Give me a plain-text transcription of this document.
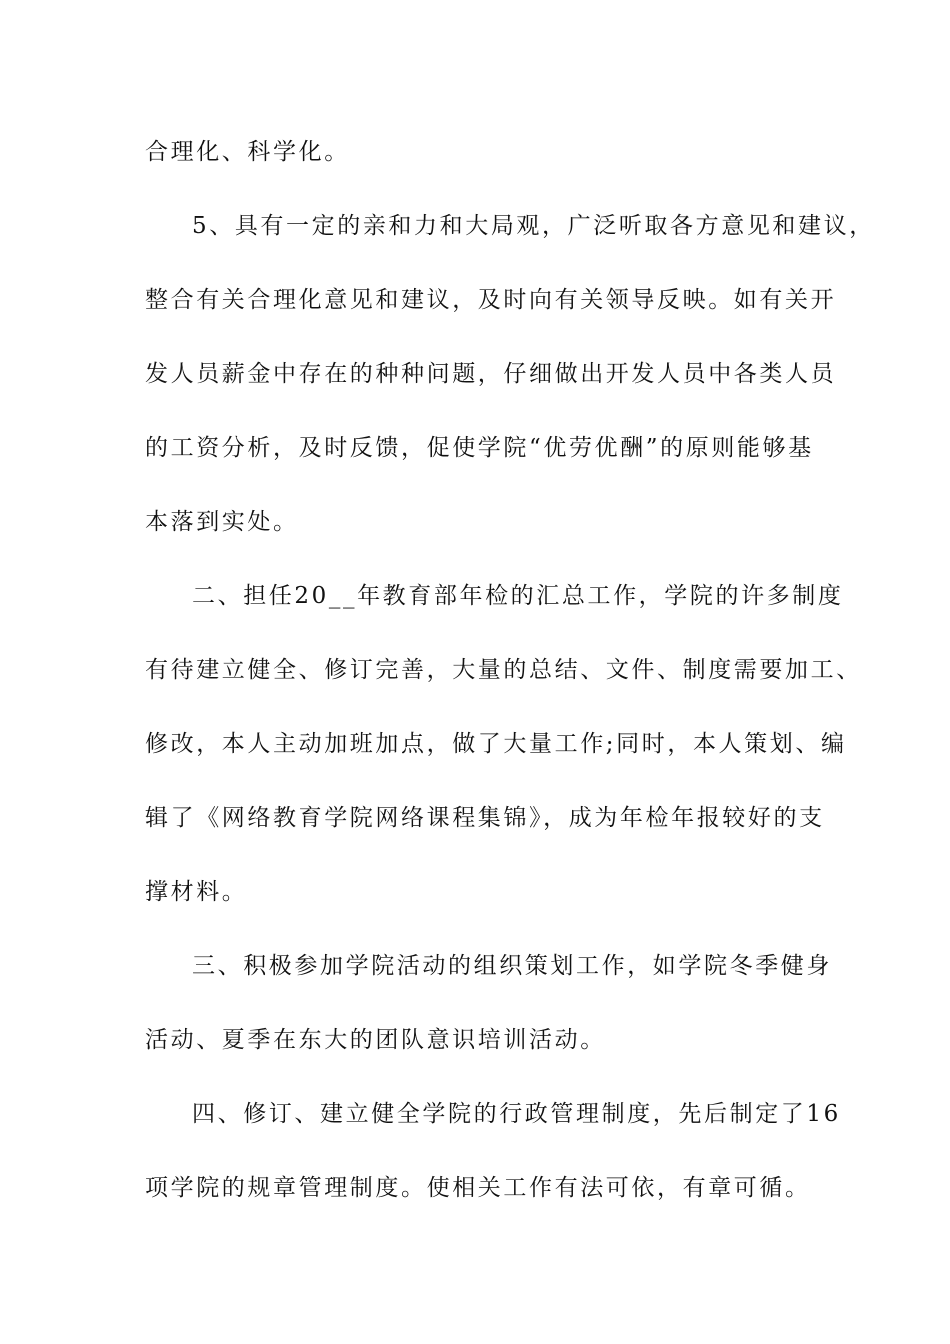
合理化、科学化。
5、具有一定的亲和力和大局观，广泛听取各方意见和建议，
整合有关合理化意见和建议，及时向有关领导反映。如有关开
发人员薪金中存在的种种问题，仔细做出开发人员中各类人员
的工资分析，及时反馈，促使学院“优劳优酬”的原则能够基
本落到实处。
二、担任20__年教育部年检的汇总工作，学院的许多制度
有待建立健全、修订完善，大量的总结、文件、制度需要加工、
修改，本人主动加班加点，做了大量工作;同时，本人策划、编
辑了《网络教育学院网络课程集锦》，成为年检年报较好的支
撑材料。
三、积极参加学院活动的组织策划工作，如学院冬季健身
活动、夏季在东大的团队意识培训活动。
四、修订、建立健全学院的行政管理制度，先后制定了16
项学院的规章管理制度。使相关工作有法可依，有章可循。
